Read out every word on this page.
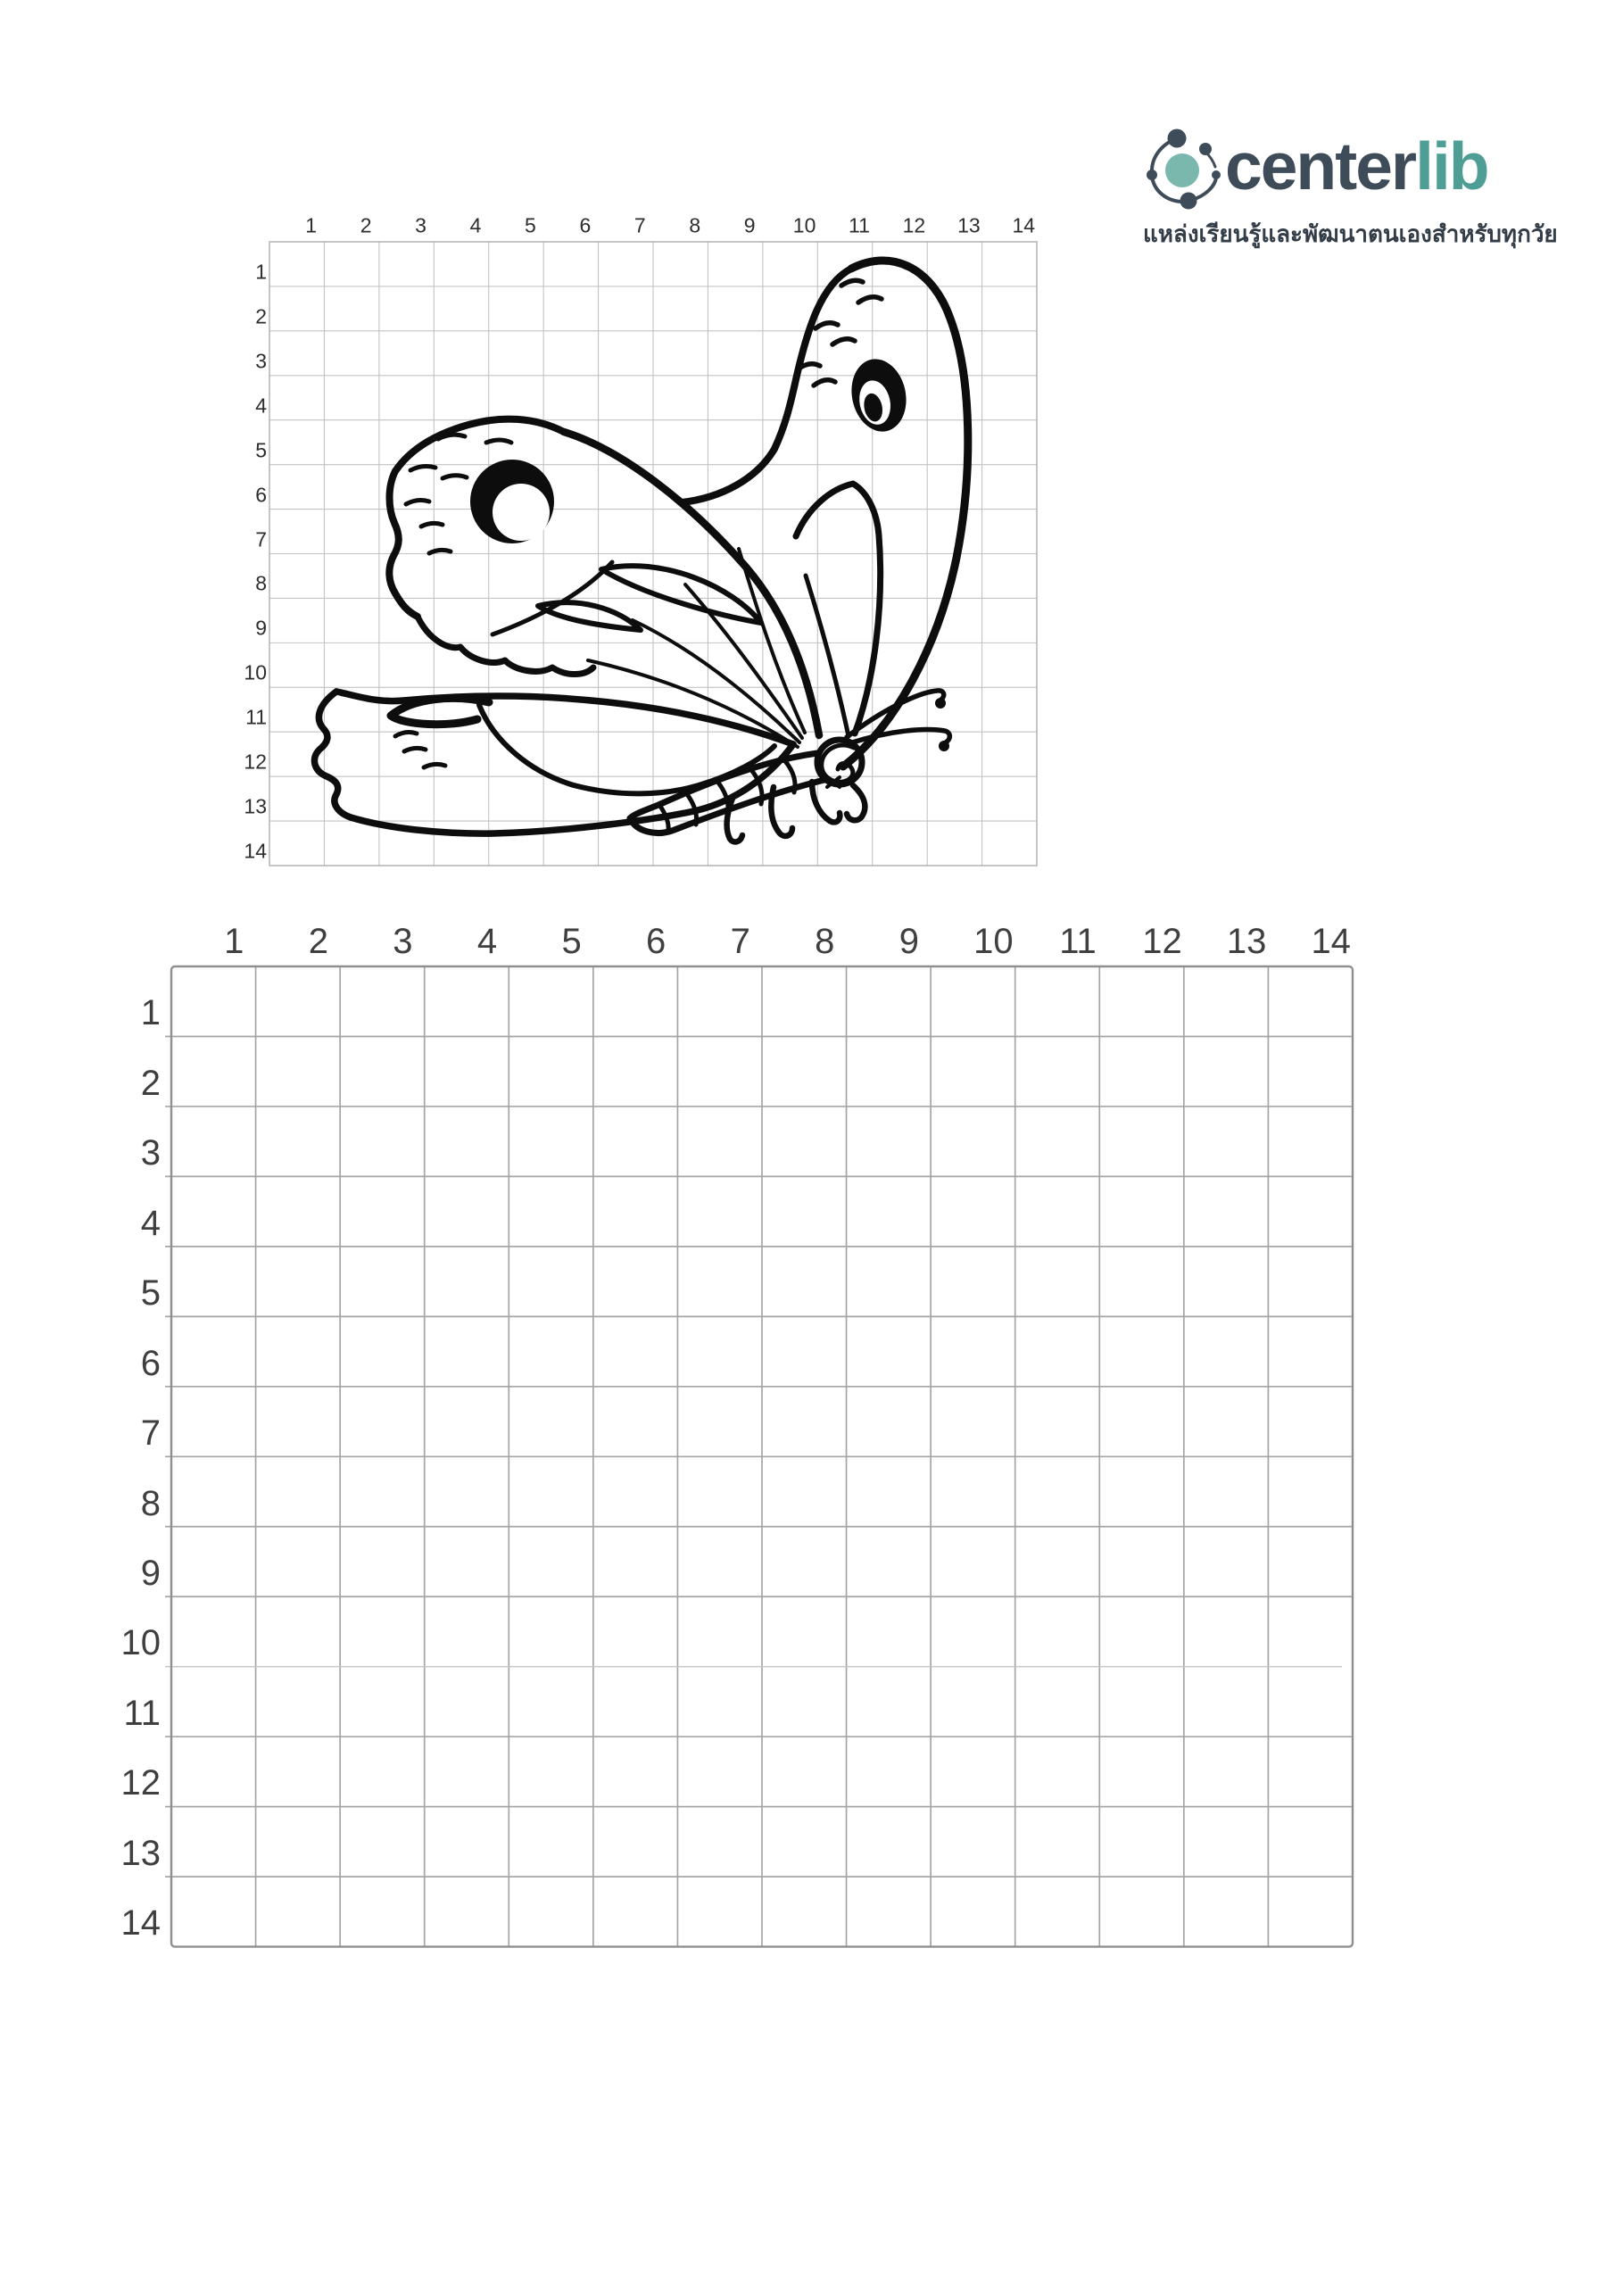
centerlib
แหล่งเรียนรู้และพัฒนาตนเองสำหรับทุกวัย
1 2 3 4 5 6 7 8 9 10 11 12 13 14
1
2
3
4
5
6
7
8
9
10
11
12
13
14
1 2 3 4 5 6 7 8 9 10 11 12 13 14
1
2
3
4
5
6
7
8
9
10
11
12
13
14
